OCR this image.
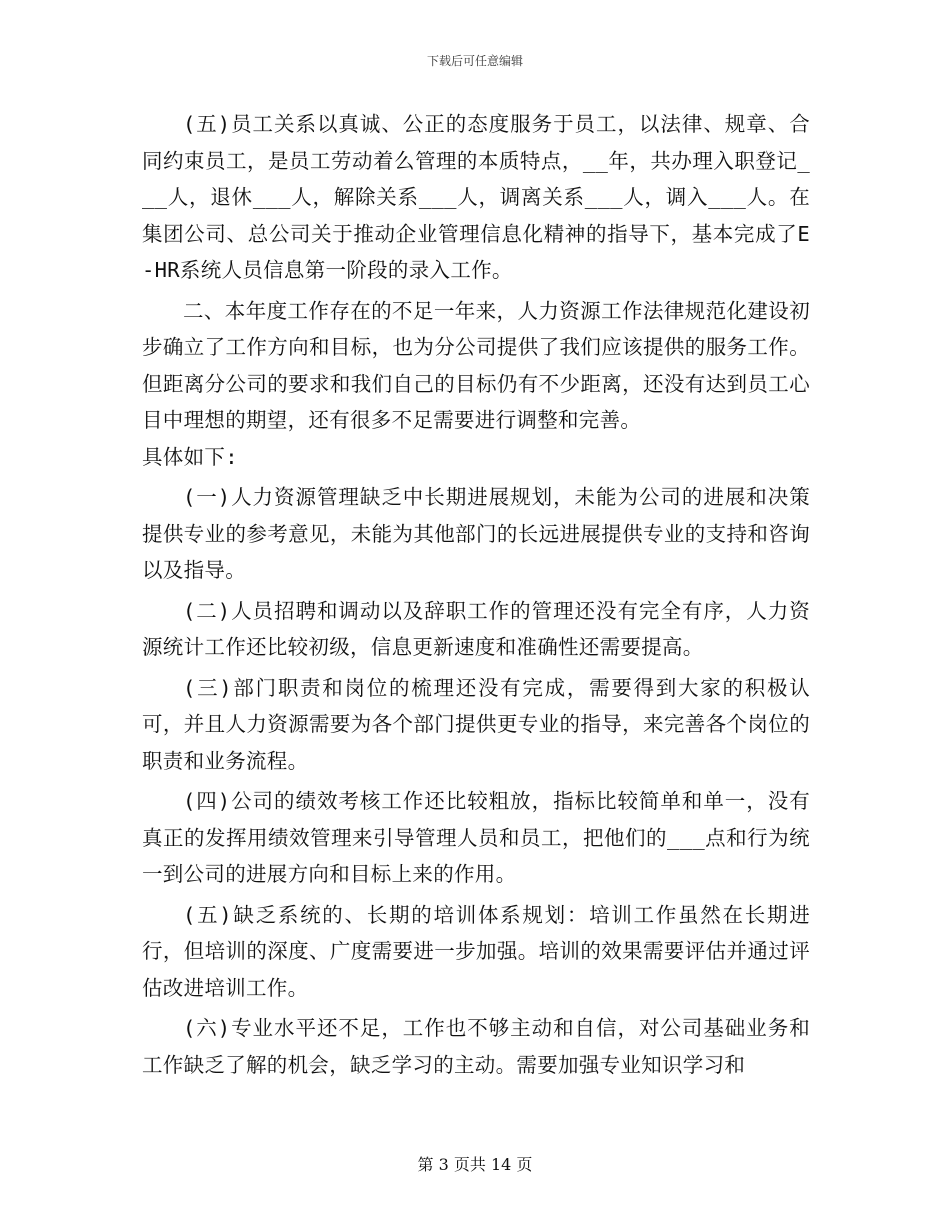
下载后可任意编辑

(五)员工关系以真诚、公正的态度服务于员工，以法律、规章、合同约束员工，是员工劳动着么管理的本质特点，__年，共办理入职登记___人，退休___人，解除关系___人，调离关系___人，调入___人。在集团公司、总公司关于推动企业管理信息化精神的指导下，基本完成了E-HR系统人员信息第一阶段的录入工作。

二、本年度工作存在的不足一年来，人力资源工作法律规范化建设初步确立了工作方向和目标，也为分公司提供了我们应该提供的服务工作。但距离分公司的要求和我们自己的目标仍有不少距离，还没有达到员工心目中理想的期望，还有很多不足需要进行调整和完善。

具体如下:

(一)人力资源管理缺乏中长期进展规划，未能为公司的进展和决策提供专业的参考意见，未能为其他部门的长远进展提供专业的支持和咨询以及指导。

(二)人员招聘和调动以及辞职工作的管理还没有完全有序，人力资源统计工作还比较初级，信息更新速度和准确性还需要提高。

(三)部门职责和岗位的梳理还没有完成，需要得到大家的积极认可，并且人力资源需要为各个部门提供更专业的指导，来完善各个岗位的职责和业务流程。

(四)公司的绩效考核工作还比较粗放，指标比较简单和单一，没有真正的发挥用绩效管理来引导管理人员和员工，把他们的___点和行为统一到公司的进展方向和目标上来的作用。

(五)缺乏系统的、长期的培训体系规划：培训工作虽然在长期进行，但培训的深度、广度需要进一步加强。培训的效果需要评估并通过评估改进培训工作。

(六)专业水平还不足，工作也不够主动和自信，对公司基础业务和工作缺乏了解的机会，缺乏学习的主动。需要加强专业知识学习和

第 3 页共 14 页
